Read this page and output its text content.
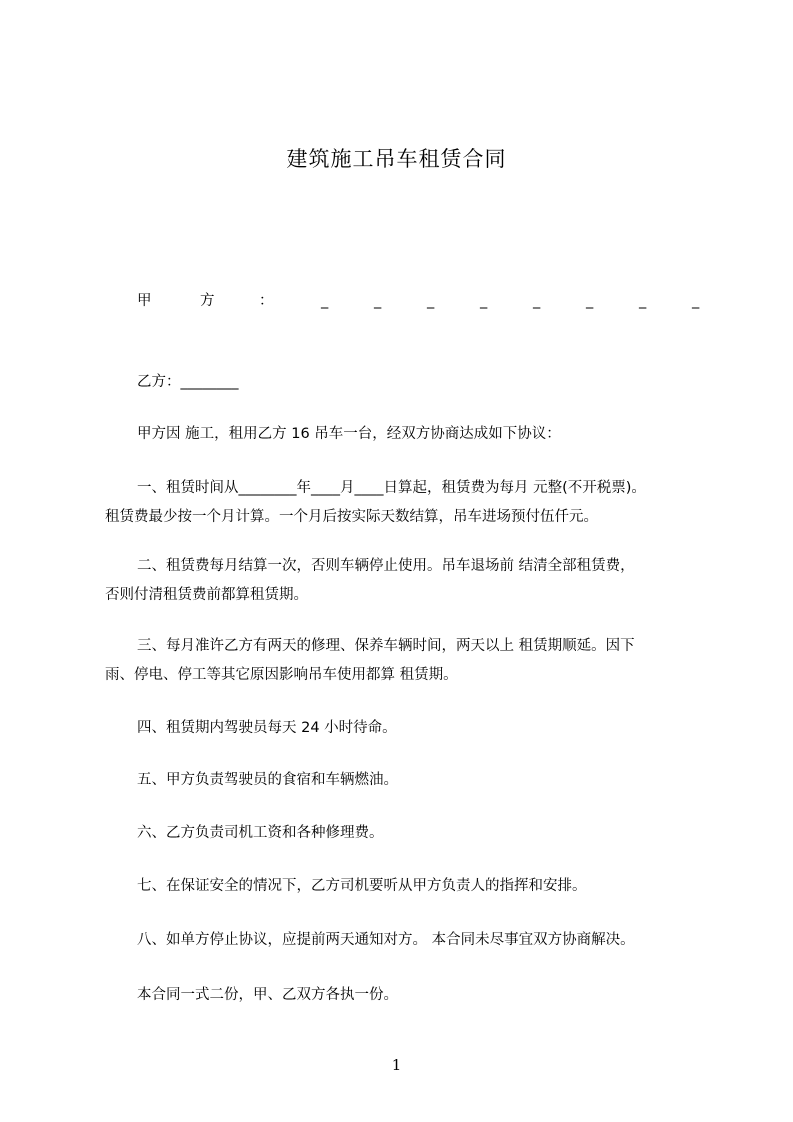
建筑施工吊车租赁合同
甲	方	：	_	_	_	_	_	_	_	_
乙方：________
甲方因 施工，租用乙方 16 吊车一台，经双方协商达成如下协议：
一、租赁时间从________年____月____日算起，租赁费为每月 元整(不开税票)。
租赁费最少按一个月计算。一个月后按实际天数结算，吊车进场预付伍仟元。
二、租赁费每月结算一次，否则车辆停止使用。吊车退场前 结清全部租赁费，
否则付清租赁费前都算租赁期。
三、每月准许乙方有两天的修理、保养车辆时间，两天以上 租赁期顺延。因下
雨、停电、停工等其它原因影响吊车使用都算 租赁期。
四、租赁期内驾驶员每天 24 小时待命。
五、甲方负责驾驶员的食宿和车辆燃油。
六、乙方负责司机工资和各种修理费。
七、在保证安全的情况下，乙方司机要听从甲方负责人的指挥和安排。
八、如单方停止协议，应提前两天通知对方。 本合同未尽事宜双方协商解决。
本合同一式二份，甲、乙双方各执一份。
1
